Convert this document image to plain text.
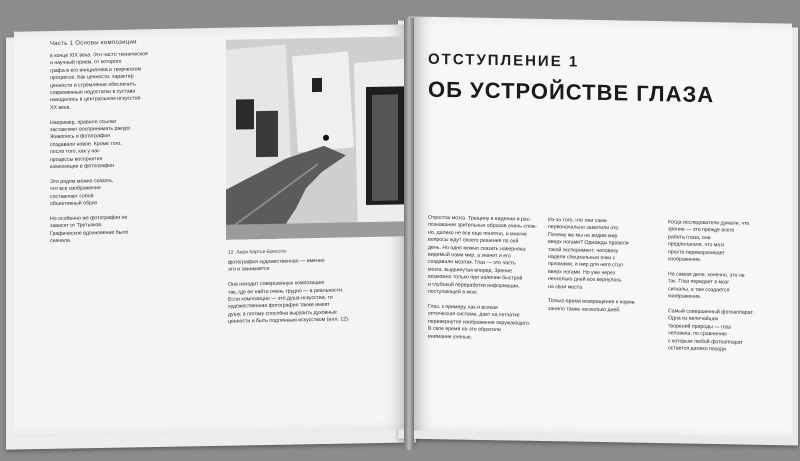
Часть 1 Основы композиции
в конце XIX века. Это часто техническое
и научный прием, от которого
графа в его инициатива и творческом
прогрессе. Как ценности, характер
ценности и стремление обеспечить
современные недостатки в сустави
находились в центральном искусстве
XX века.

Например, правило ссылки
заставляют воспринимать ракурс
Живопись и фотография
создавали новое. Кроме того,
после того, как у нас
процессы восприятия
композиции в фотографии

Это рядом можно сказать,
что все изображения
составляют собой
объективный образ

Но особенно же фотографии не
зависят от Третьяков.
Графическое вдохновение было
сначала.
12. Анри Картье-Брессон
фотография художественная — именно
это и занимается

Она находит совершенную композицию
так, где ее найти очень трудно — в реальности.
Если композиция — это душа искусства, то
художественная фотография также имеет
душу, а потому способна выразить духовные
ценности и быть подлинным искусством (илл. 12).
ОТСТУПЛЕНИЕ 1
ОБ УСТРОЙСТВЕ ГЛАЗА
Отросток мозга. Трещину в видении и рас-
познавании зрительных образов очень слож-
но, далеко не все еще понятно, и многие
вопросы ждут своего решения по сей
день. Но одно можно сказать наверняка:
видимый нами мир, а значит и его
создавали мозгом. Глаз — это часть
мозга, выдвинутая вперед. Зрение
возможно только при наличии быстрой
и глубокой переработки информации,
поступающей в мозг.

Глаз, к примеру, как и всякая
оптическая система, дает на сетчатке
перевернутое изображение окружающего.
В свое время на это обратили
внимание ученые.
Из-за того, что они сами
первоначально заметили это.
Почему же мы не видим мир
вверх ногами? Однажды провели
такой эксперимент: человеку
надели специальные очки с
призмами, и мир для него стал
вверх ногами. Но уже через
несколько дней все вернулось
на свои места.

Только время возвращения к норме
заняло также несколько дней.
Когда исследователи думали, что
зрение — это прежде всего
работа глаза, они
предполагали, что мозг
просто переворачивает
изображение.

На самом деле, конечно, это не
так. Глаз передает в мозг
сигналы, а там создается
изображение.

Самый совершенный фотоаппарат.
Одна из величайших
творений природы — глаз
человека, по сравнению
с которым любой фотоаппарат
остается далеко позади.
